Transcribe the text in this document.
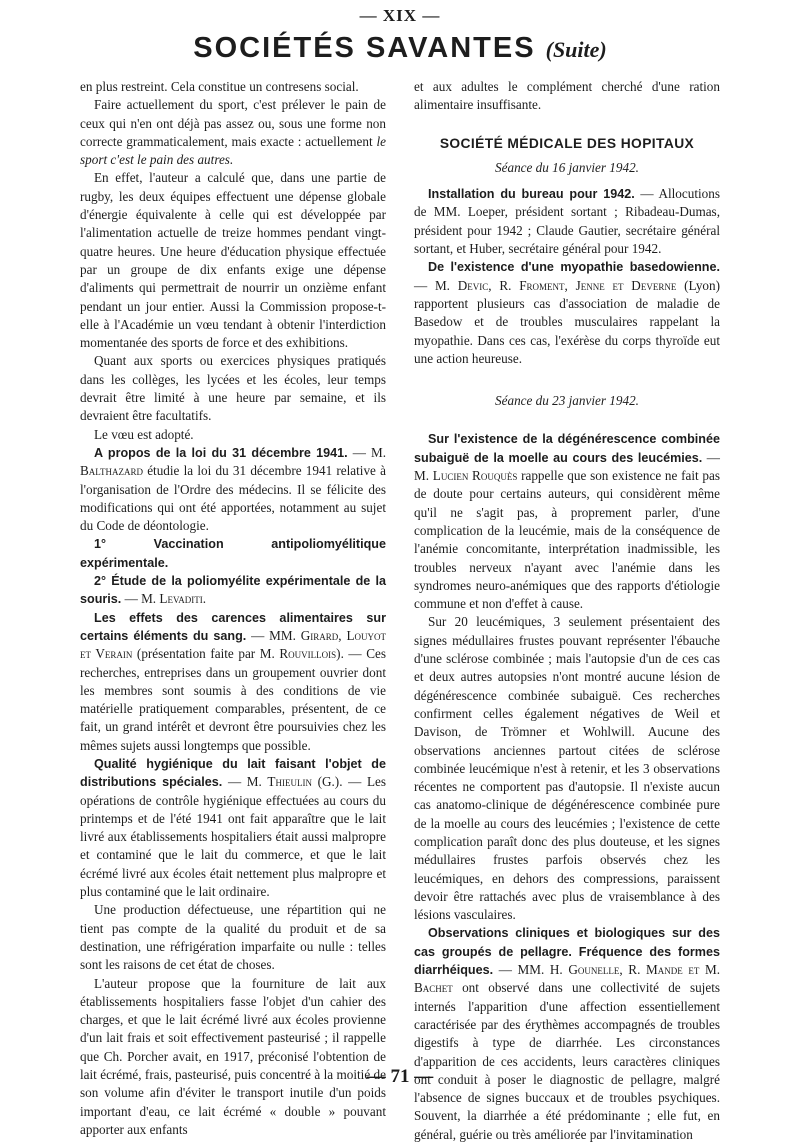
— XIX —
SOCIÉTÉS SAVANTES (Suite)

en plus restreint. Cela constitue un contresens social.

Faire actuellement du sport, c'est prélever le pain de ceux qui n'en ont déjà pas assez ou, sous une forme non correcte grammaticalement, mais exacte : actuellement le sport c'est le pain des autres.

En effet, l'auteur a calculé que, dans une partie de rugby, les deux équipes effectuent une dépense globale d'énergie équivalente à celle qui est développée par l'alimentation actuelle de treize hommes pendant vingt-quatre heures. Une heure d'éducation physique effectuée par un groupe de dix enfants exige une dépense d'aliments qui permettrait de nourrir un onzième enfant pendant un jour entier. Aussi la Commission propose-t-elle à l'Académie un vœu tendant à obtenir l'interdiction momentanée des sports de force et des exhibitions.

Quant aux sports ou exercices physiques pratiqués dans les collèges, les lycées et les écoles, leur temps devrait être limité à une heure par semaine, et ils devraient être facultatifs.

Le vœu est adopté.

A propos de la loi du 31 décembre 1941. — M. Balthazard étudie la loi du 31 décembre 1941 relative à l'organisation de l'Ordre des médecins. Il se félicite des modifications qui ont été apportées, notamment au sujet du Code de déontologie.

1° Vaccination antipoliomyélitique expérimentale.

2° Étude de la poliomyélite expérimentale de la souris. — M. Levaditi.

Les effets des carences alimentaires sur certains éléments du sang. — MM. Girard, Louyot et Verain (présentation faite par M. Rouvillois). — Ces recherches, entreprises dans un groupement ouvrier dont les membres sont soumis à des conditions de vie matérielle pratiquement comparables, présentent, de ce fait, un grand intérêt et devront être poursuivies chez les mêmes sujets aussi longtemps que possible.

Qualité hygiénique du lait faisant l'objet de distributions spéciales. — M. Thieulin (G.). — Les opérations de contrôle hygiénique effectuées au cours du printemps et de l'été 1941 ont fait apparaître que le lait livré aux établissements hospitaliers était aussi malpropre et contaminé que le lait du commerce, et que le lait écrémé livré aux écoles était nettement plus malpropre et plus contaminé que le lait ordinaire.

Une production défectueuse, une répartition qui ne tient pas compte de la qualité du produit et de sa destination, une réfrigération imparfaite ou nulle : telles sont les raisons de cet état de choses.

L'auteur propose que la fourniture de lait aux établissements hospitaliers fasse l'objet d'un cahier des charges, et que le lait écrémé livré aux écoles provienne d'un lait frais et soit effectivement pasteurisé ; il rappelle que Ch. Porcher avait, en 1917, préconisé l'obtention de lait écrémé, frais, pasteurisé, puis concentré à la moitié de son volume afin d'éviter le transport inutile d'un poids important d'eau, ce lait écrémé « double » pouvant apporter aux enfants

et aux adultes le complément cherché d'une ration alimentaire insuffisante.

SOCIÉTÉ MÉDICALE DES HOPITAUX
Séance du 16 janvier 1942.

Installation du bureau pour 1942. — Allocutions de MM. Loeper, président sortant ; Ribadeau-Dumas, président pour 1942 ; Claude Gautier, secrétaire général sortant, et Huber, secrétaire général pour 1942.

De l'existence d'une myopathie basedowienne. — M. Devic, R. Froment, Jenne et Deverne (Lyon) rapportent plusieurs cas d'association de maladie de Basedow et de troubles musculaires rappelant la myopathie. Dans ces cas, l'exérèse du corps thyroïde eut une action heureuse.

Séance du 23 janvier 1942.

Sur l'existence de la dégénérescence combinée subaiguë de la moelle au cours des leucémies. — M. Lucien Rouquès rappelle que son existence ne fait pas de doute pour certains auteurs, qui considèrent même qu'il ne s'agit pas, à proprement parler, d'une complication de la leucémie, mais de la conséquence de l'anémie concomitante, interprétation inadmissible, les troubles nerveux n'ayant avec l'anémie dans les syndromes neuro-anémiques que des rapports d'étiologie commune et non d'effet à cause.

Sur 20 leucémiques, 3 seulement présentaient des signes médullaires frustes pouvant représenter l'ébauche d'une sclérose combinée ; mais l'autopsie d'un de ces cas et deux autres autopsies n'ont montré aucune lésion de dégénérescence combinée subaiguë. Ces recherches confirment celles également négatives de Weil et Davison, de Trömner et Wohlwill. Aucune des observations anciennes partout citées de sclérose combinée leucémique n'est à retenir, et les 3 observations récentes ne comportent pas d'autopsie. Il n'existe aucun cas anatomo-clinique de dégénérescence combinée pure de la moelle au cours des leucémies ; l'existence de cette complication paraît donc des plus douteuse, et les signes médullaires frustes parfois observés chez les leucémiques, en dehors des compressions, paraissent devoir être rattachés avec plus de vraisemblance à des lésions vasculaires.

Observations cliniques et biologiques sur des cas groupés de pellagre. Fréquence des formes diarrhéiques. — MM. H. Gounelle, R. Mande et M. Bachet ont observé dans une collectivité de sujets internés l'apparition d'une affection essentiellement caractérisée par des érythèmes accompagnés de troubles digestifs à type de diarrhée. Les circonstances d'apparition de ces accidents, leurs caractères cliniques ont conduit à poser le diagnostic de pellagre, malgré l'absence de signes buccaux et de troubles psychiques. Souvent, la diarrhée a été prédominante ; elle fut, en général, guérie ou très améliorée par l'invitamination

— 71 —
